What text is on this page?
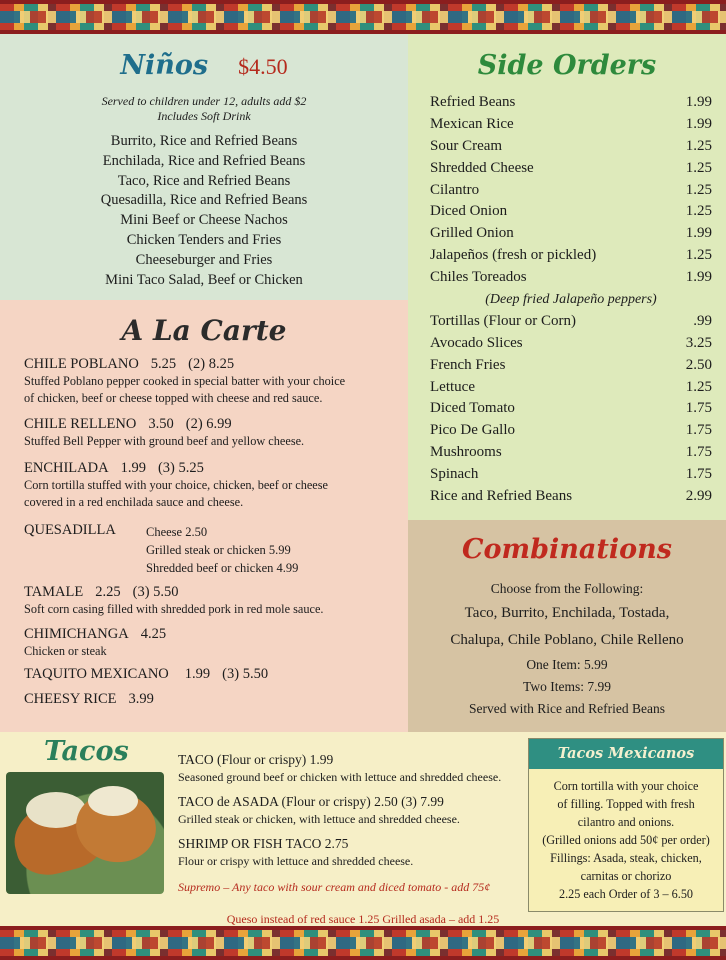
Niños $4.50
Served to children under 12, adults add $2
Includes Soft Drink
Burrito, Rice and Refried Beans
Enchilada, Rice and Refried Beans
Taco, Rice and Refried Beans
Quesadilla, Rice and Refried Beans
Mini Beef or Cheese Nachos
Chicken Tenders and Fries
Cheeseburger and Fries
Mini Taco Salad, Beef or Chicken
A La Carte
CHILE POBLANO 5.25 (2) 8.25
Stuffed Poblano pepper cooked in special batter with your choice
of chicken, beef or cheese topped with cheese and red sauce.
CHILE RELLENO 3.50 (2) 6.99
Stuffed Bell Pepper with ground beef and yellow cheese.
ENCHILADA 1.99 (3) 5.25
Corn tortilla stuffed with your choice, chicken, beef or cheese
covered in a red enchilada sauce and cheese.
QUESADILLA	Cheese 2.50
Grilled steak or chicken 5.99
Shredded beef or chicken 4.99
TAMALE 2.25 (3) 5.50
Soft corn casing filled with shredded pork in red mole sauce.
CHIMICHANGA 4.25
Chicken or steak
TAQUITO MEXICANO 1.99 (3) 5.50
CHEESY RICE 3.99
Side Orders
Refried Beans	1.99
Mexican Rice	1.99
Sour Cream	1.25
Shredded Cheese	1.25
Cilantro	1.25
Diced Onion	1.25
Grilled Onion	1.99
Jalapeños (fresh or pickled)	1.25
Chiles Toreados	1.99
(Deep fried Jalapeño peppers)
Tortillas (Flour or Corn)	.99
Avocado Slices	3.25
French Fries	2.50
Lettuce	1.25
Diced Tomato	1.75
Pico De Gallo	1.75
Mushrooms	1.75
Spinach	1.75
Rice and Refried Beans	2.99
Combinations
Choose from the Following:
Taco, Burrito, Enchilada, Tostada,
Chalupa, Chile Poblano, Chile Relleno
One Item: 5.99
Two Items: 7.99
Served with Rice and Refried Beans
Tacos	TACO (Flour or crispy) 1.99
Seasoned ground beef or chicken with lettuce and shredded cheese.
TACO de ASADA (Flour or crispy) 2.50 (3) 7.99
Grilled steak or chicken, with lettuce and shredded cheese.
SHRIMP OR FISH TACO 2.75
Flour or crispy with lettuce and shredded cheese.
Supremo – Any taco with sour cream and diced tomato - add 75¢
Tacos Mexicanos
Corn tortilla with your choice
of filling. Topped with fresh
cilantro and onions.
(Grilled onions add 50¢ per order)
Fillings: Asada, steak, chicken,
carnitas or chorizo
2.25 each Order of 3 – 6.50
Queso instead of red sauce 1.25 Grilled asada – add 1.25
